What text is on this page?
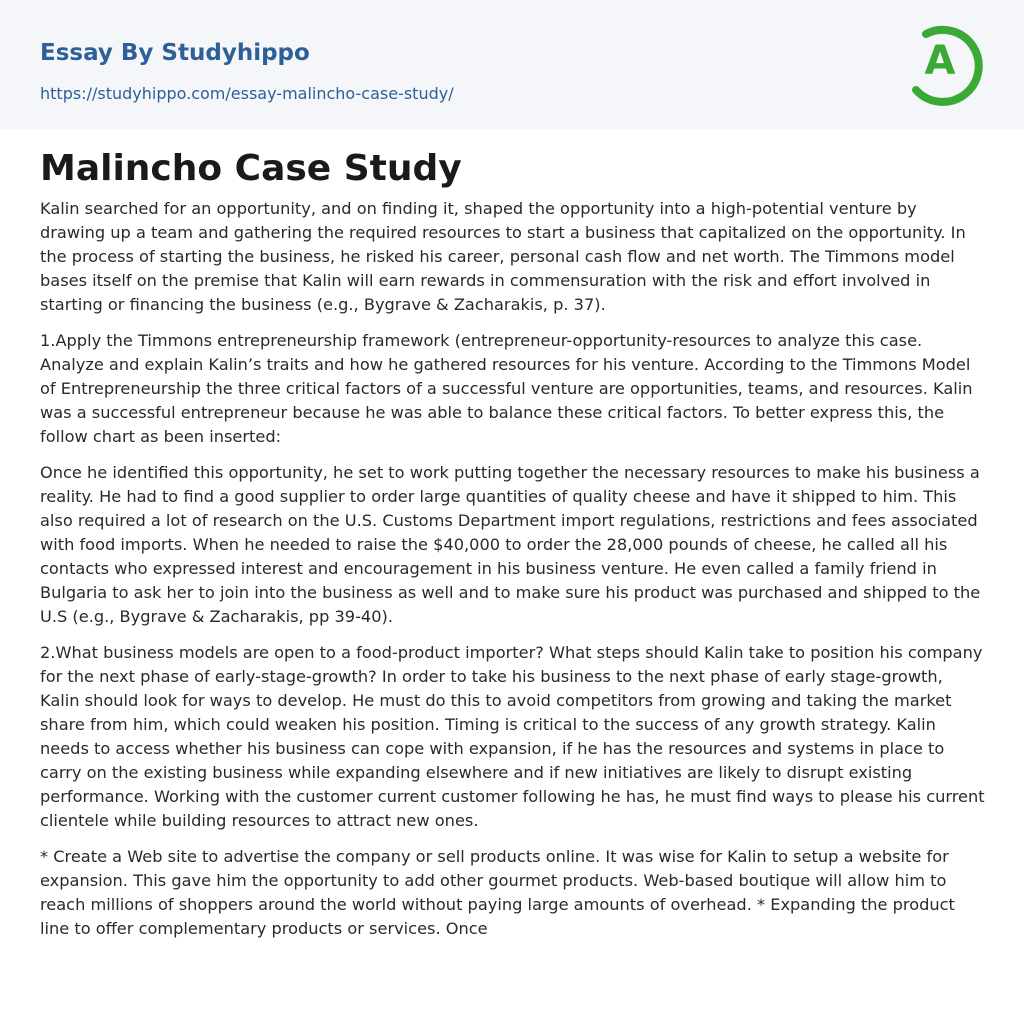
Essay By Studyhippo
https://studyhippo.com/essay-malincho-case-study/
A
Malincho Case Study

Kalin searched for an opportunity, and on finding it, shaped the opportunity into a high-potential venture by drawing up a team and gathering the required resources to start a business that capitalized on the opportunity. In the process of starting the business, he risked his career, personal cash flow and net worth. The Timmons model bases itself on the premise that Kalin will earn rewards in commensuration with the risk and effort involved in starting or financing the business (e.g., Bygrave & Zacharakis, p. 37).

1.Apply the Timmons entrepreneurship framework (entrepreneur-opportunity-resources to analyze this case. Analyze and explain Kalin’s traits and how he gathered resources for his venture. According to the Timmons Model of Entrepreneurship the three critical factors of a successful venture are opportunities, teams, and resources. Kalin was a successful entrepreneur because he was able to balance these critical factors. To better express this, the follow chart as been inserted:

Once he identified this opportunity, he set to work putting together the necessary resources to make his business a reality. He had to find a good supplier to order large quantities of quality cheese and have it shipped to him. This also required a lot of research on the U.S. Customs Department import regulations, restrictions and fees associated with food imports. When he needed to raise the $40,000 to order the 28,000 pounds of cheese, he called all his contacts who expressed interest and encouragement in his business venture. He even called a family friend in Bulgaria to ask her to join into the business as well and to make sure his product was purchased and shipped to the U.S (e.g., Bygrave & Zacharakis, pp 39-40).

2.What business models are open to a food-product importer? What steps should Kalin take to position his company for the next phase of early-stage-growth? In order to take his business to the next phase of early stage-growth, Kalin should look for ways to develop. He must do this to avoid competitors from growing and taking the market share from him, which could weaken his position. Timing is critical to the success of any growth strategy. Kalin needs to access whether his business can cope with expansion, if he has the resources and systems in place to carry on the existing business while expanding elsewhere and if new initiatives are likely to disrupt existing performance. Working with the customer current customer following he has, he must find ways to please his current clientele while building resources to attract new ones.

* Create a Web site to advertise the company or sell products online. It was wise for Kalin to setup a website for expansion. This gave him the opportunity to add other gourmet products. Web-based boutique will allow him to reach millions of shoppers around the world without paying large amounts of overhead. * Expanding the product line to offer complementary products or services. Once
